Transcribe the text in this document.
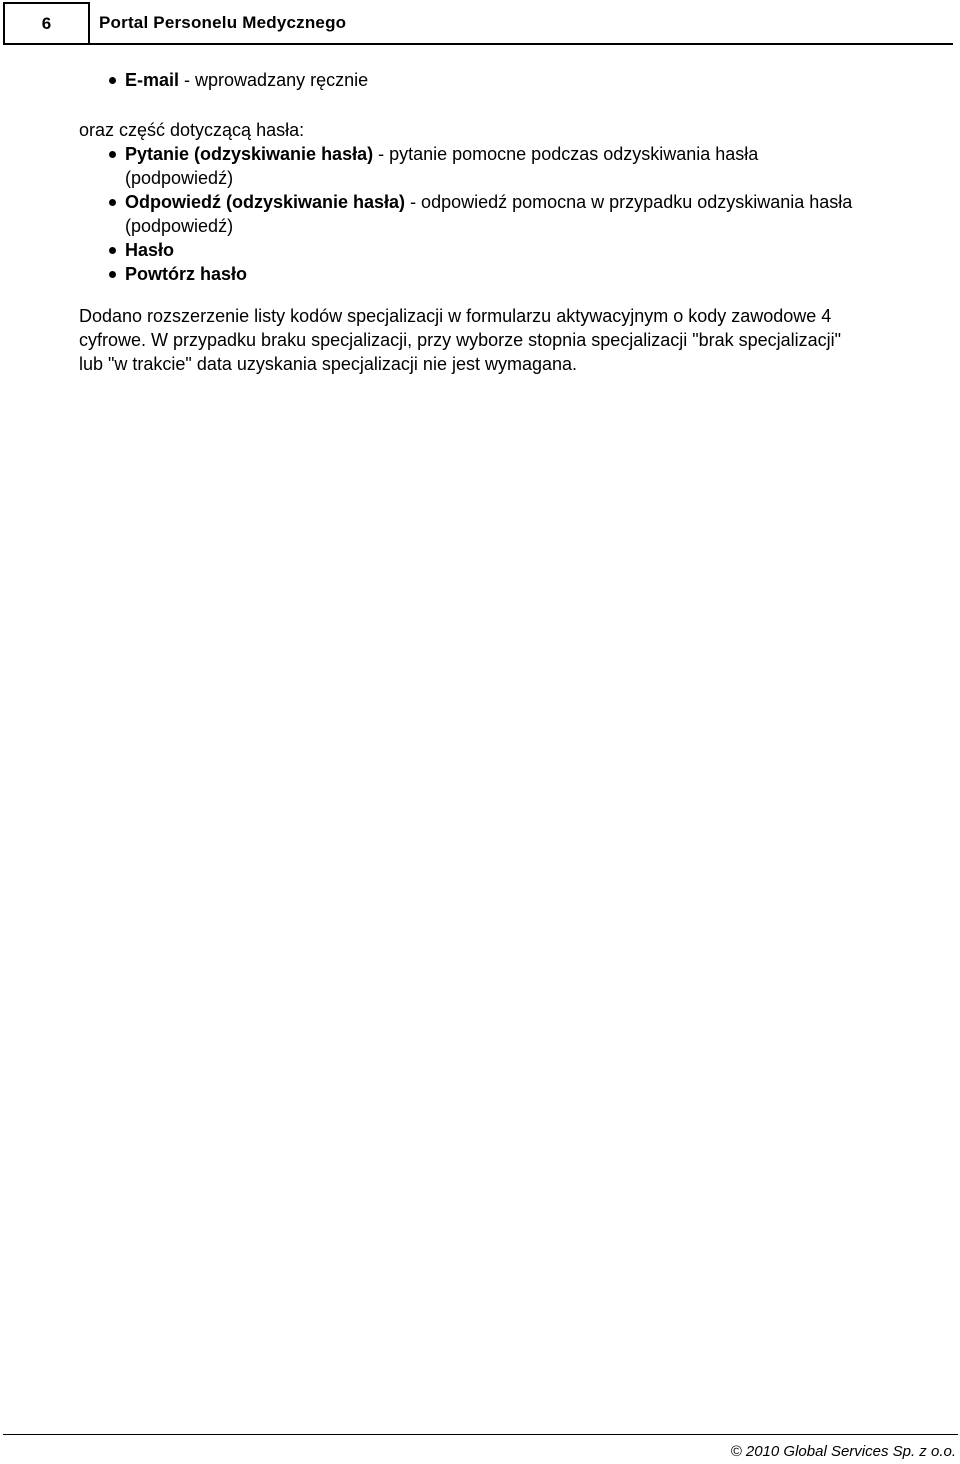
6	Portal Personelu Medycznego
E-mail - wprowadzany ręcznie
oraz część dotyczącą hasła:
Pytanie (odzyskiwanie hasła) - pytanie pomocne podczas odzyskiwania hasła (podpowiedź)
Odpowiedź (odzyskiwanie hasła) - odpowiedź pomocna w przypadku odzyskiwania hasła (podpowiedź)
Hasło
Powtórz hasło

Dodano rozszerzenie listy kodów specjalizacji w formularzu aktywacyjnym o kody zawodowe 4 cyfrowe. W przypadku braku specjalizacji, przy wyborze stopnia specjalizacji "brak specjalizacji" lub "w trakcie" data uzyskania specjalizacji nie jest wymagana.

© 2010 Global Services Sp. z o.o.
